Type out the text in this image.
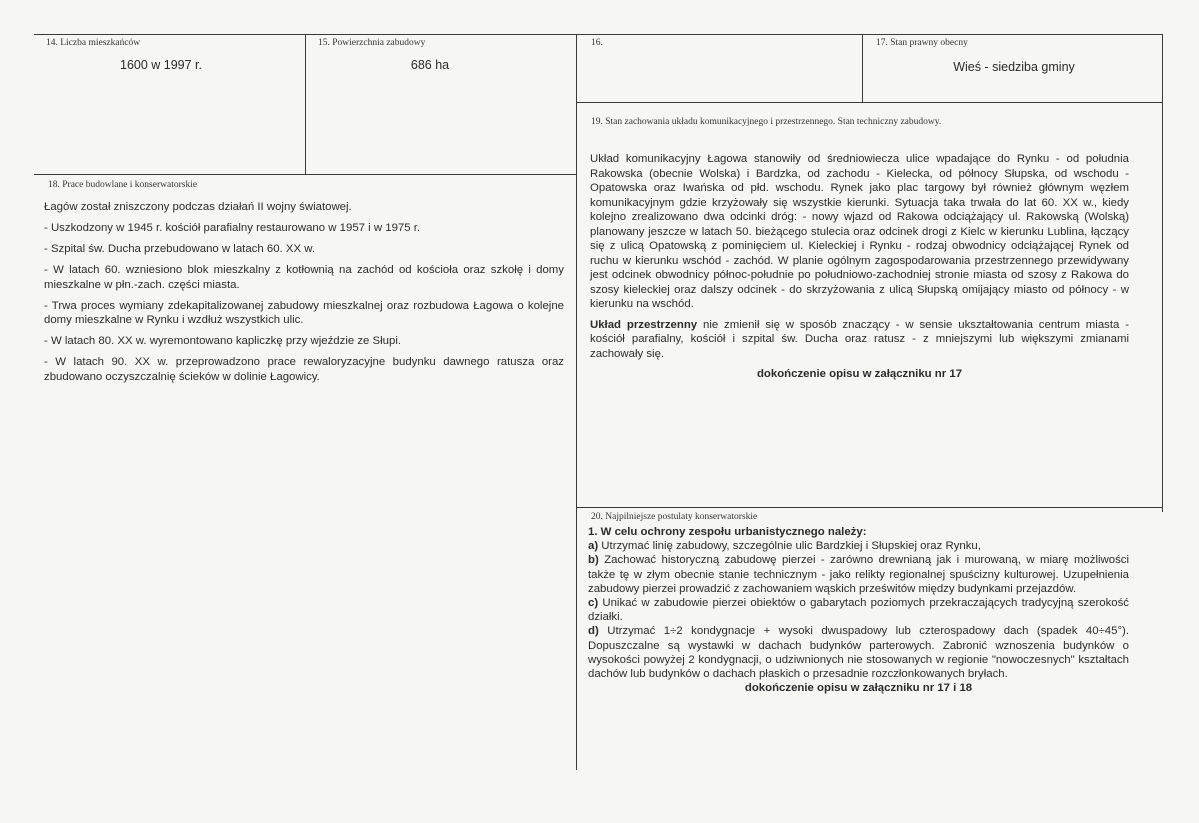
14. Liczba mieszkańców
1600 w 1997 r.
15. Powierzchnia zabudowy
686 ha
16.	17. Stan prawny obecny
Wieś - siedziba gminy
18. Prace budowlane i konserwatorskie

Łagów został zniszczony podczas działań II wojny światowej.

- Uszkodzony w 1945 r. kościół parafialny restaurowano w 1957 i w 1975 r.

- Szpital św. Ducha przebudowano w latach 60. XX w.

- W latach 60. wzniesiono blok mieszkalny z kotłownią na zachód od kościoła oraz szkołę i domy mieszkalne w płn.-zach. części miasta.

- Trwa proces wymiany zdekapitalizowanej zabudowy mieszkalnej oraz rozbudowa Łagowa o kolejne domy mieszkalne w Rynku i wzdłuż wszystkich ulic.

- W latach 80. XX w. wyremontowano kapliczkę przy wjeździe ze Słupi.

- W latach 90. XX w. przeprowadzono prace rewaloryzacyjne budynku dawnego ratusza oraz zbudowano oczyszczalnię ścieków w dolinie Łagowicy.

19. Stan zachowania układu komunikacyjnego i przestrzennego. Stan techniczny zabudowy.

Układ komunikacyjny Łagowa stanowiły od średniowiecza ulice wpadające do Rynku - od południa Rakowska (obecnie Wolska) i Bardzka, od zachodu - Kielecka, od północy Słupska, od wschodu - Opatowska oraz Iwańska od płd. wschodu. Rynek jako plac targowy był również głównym węzłem komunikacyjnym gdzie krzyżowały się wszystkie kierunki. Sytuacja taka trwała do lat 60. XX w., kiedy kolejno zrealizowano dwa odcinki dróg: - nowy wjazd od Rakowa odciążający ul. Rakowską (Wolską) planowany jeszcze w latach 50. bieżącego stulecia oraz odcinek drogi z Kielc w kierunku Lublina, łączący się z ulicą Opatowską z pominięciem ul. Kieleckiej i Rynku - rodzaj obwodnicy odciążającej Rynek od ruchu w kierunku wschód - zachód. W planie ogólnym zagospodarowania przestrzennego przewidywany jest odcinek obwodnicy północ-południe po południowo-zachodniej stronie miasta od szosy z Rakowa do szosy kieleckiej oraz dalszy odcinek - do skrzyżowania z ulicą Słupską omijający miasto od północy - w kierunku na wschód.

Układ przestrzenny nie zmienił się w sposób znaczący - w sensie ukształtowania centrum miasta - kościół parafialny, kościół i szpital św. Ducha oraz ratusz - z mniejszymi lub większymi zmianami zachowały się.

dokończenie opisu w załączniku nr 17

20. Najpilniejsze postulaty konserwatorskie

1. W celu ochrony zespołu urbanistycznego należy:

a) Utrzymać linię zabudowy, szczególnie ulic Bardzkiej i Słupskiej oraz Rynku,

b) Zachować historyczną zabudowę pierzei - zarówno drewnianą jak i murowaną, w miarę możliwości także tę w złym obecnie stanie technicznym - jako relikty regionalnej spuścizny kulturowej. Uzupełnienia zabudowy pierzei prowadzić z zachowaniem wąskich prześwitów między budynkami przejazdów.

c) Unikać w zabudowie pierzei obiektów o gabarytach poziomych przekraczających tradycyjną szerokość działki.

d) Utrzymać 1÷2 kondygnacje + wysoki dwuspadowy lub czterospadowy dach (spadek 40÷45°). Dopuszczalne są wystawki w dachach budynków parterowych. Zabronić wznoszenia budynków o wysokości powyżej 2 kondygnacji, o udziwnionych nie stosowanych w regionie "nowoczesnych" kształtach dachów lub budynków o dachach płaskich o przesadnie rozczłonkowanych bryłach.

dokończenie opisu w załączniku nr 17 i 18
